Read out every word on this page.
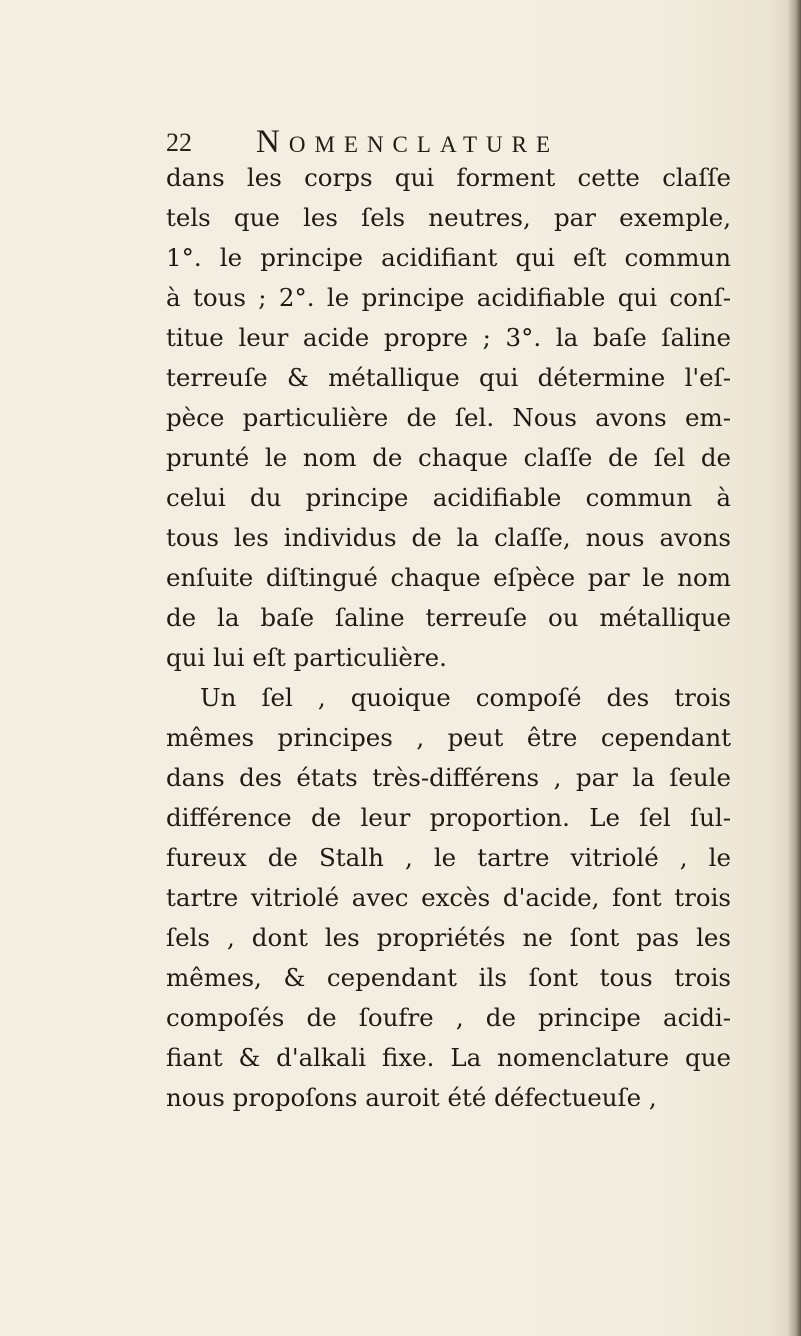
22 Nomenclature
dans les corps qui forment cette claſſe
tels que les ſels neutres, par exemple,
1°. le principe acidifiant qui eſt commun
à tous ; 2°. le principe acidifiable qui conſ-
titue leur acide propre ; 3°. la baſe ſaline
terreuſe & métallique qui détermine l'eſ-
pèce particulière de ſel. Nous avons em-
prunté le nom de chaque claſſe de ſel de
celui du principe acidifiable commun à
tous les individus de la claſſe, nous avons
enſuite diſtingué chaque eſpèce par le nom
de la baſe ſaline terreuſe ou métallique
qui lui eſt particulière.
Un ſel , quoique compoſé des trois
mêmes principes , peut être cependant
dans des états très-différens , par la ſeule
différence de leur proportion. Le ſel ſul-
fureux de Stalh , le tartre vitriolé , le
tartre vitriolé avec excès d'acide, font trois
ſels , dont les propriétés ne ſont pas les
mêmes, & cependant ils ſont tous trois
compoſés de ſoufre , de principe acidi-
fiant & d'alkali fixe. La nomenclature que
nous propoſons auroit été défectueuſe ,
